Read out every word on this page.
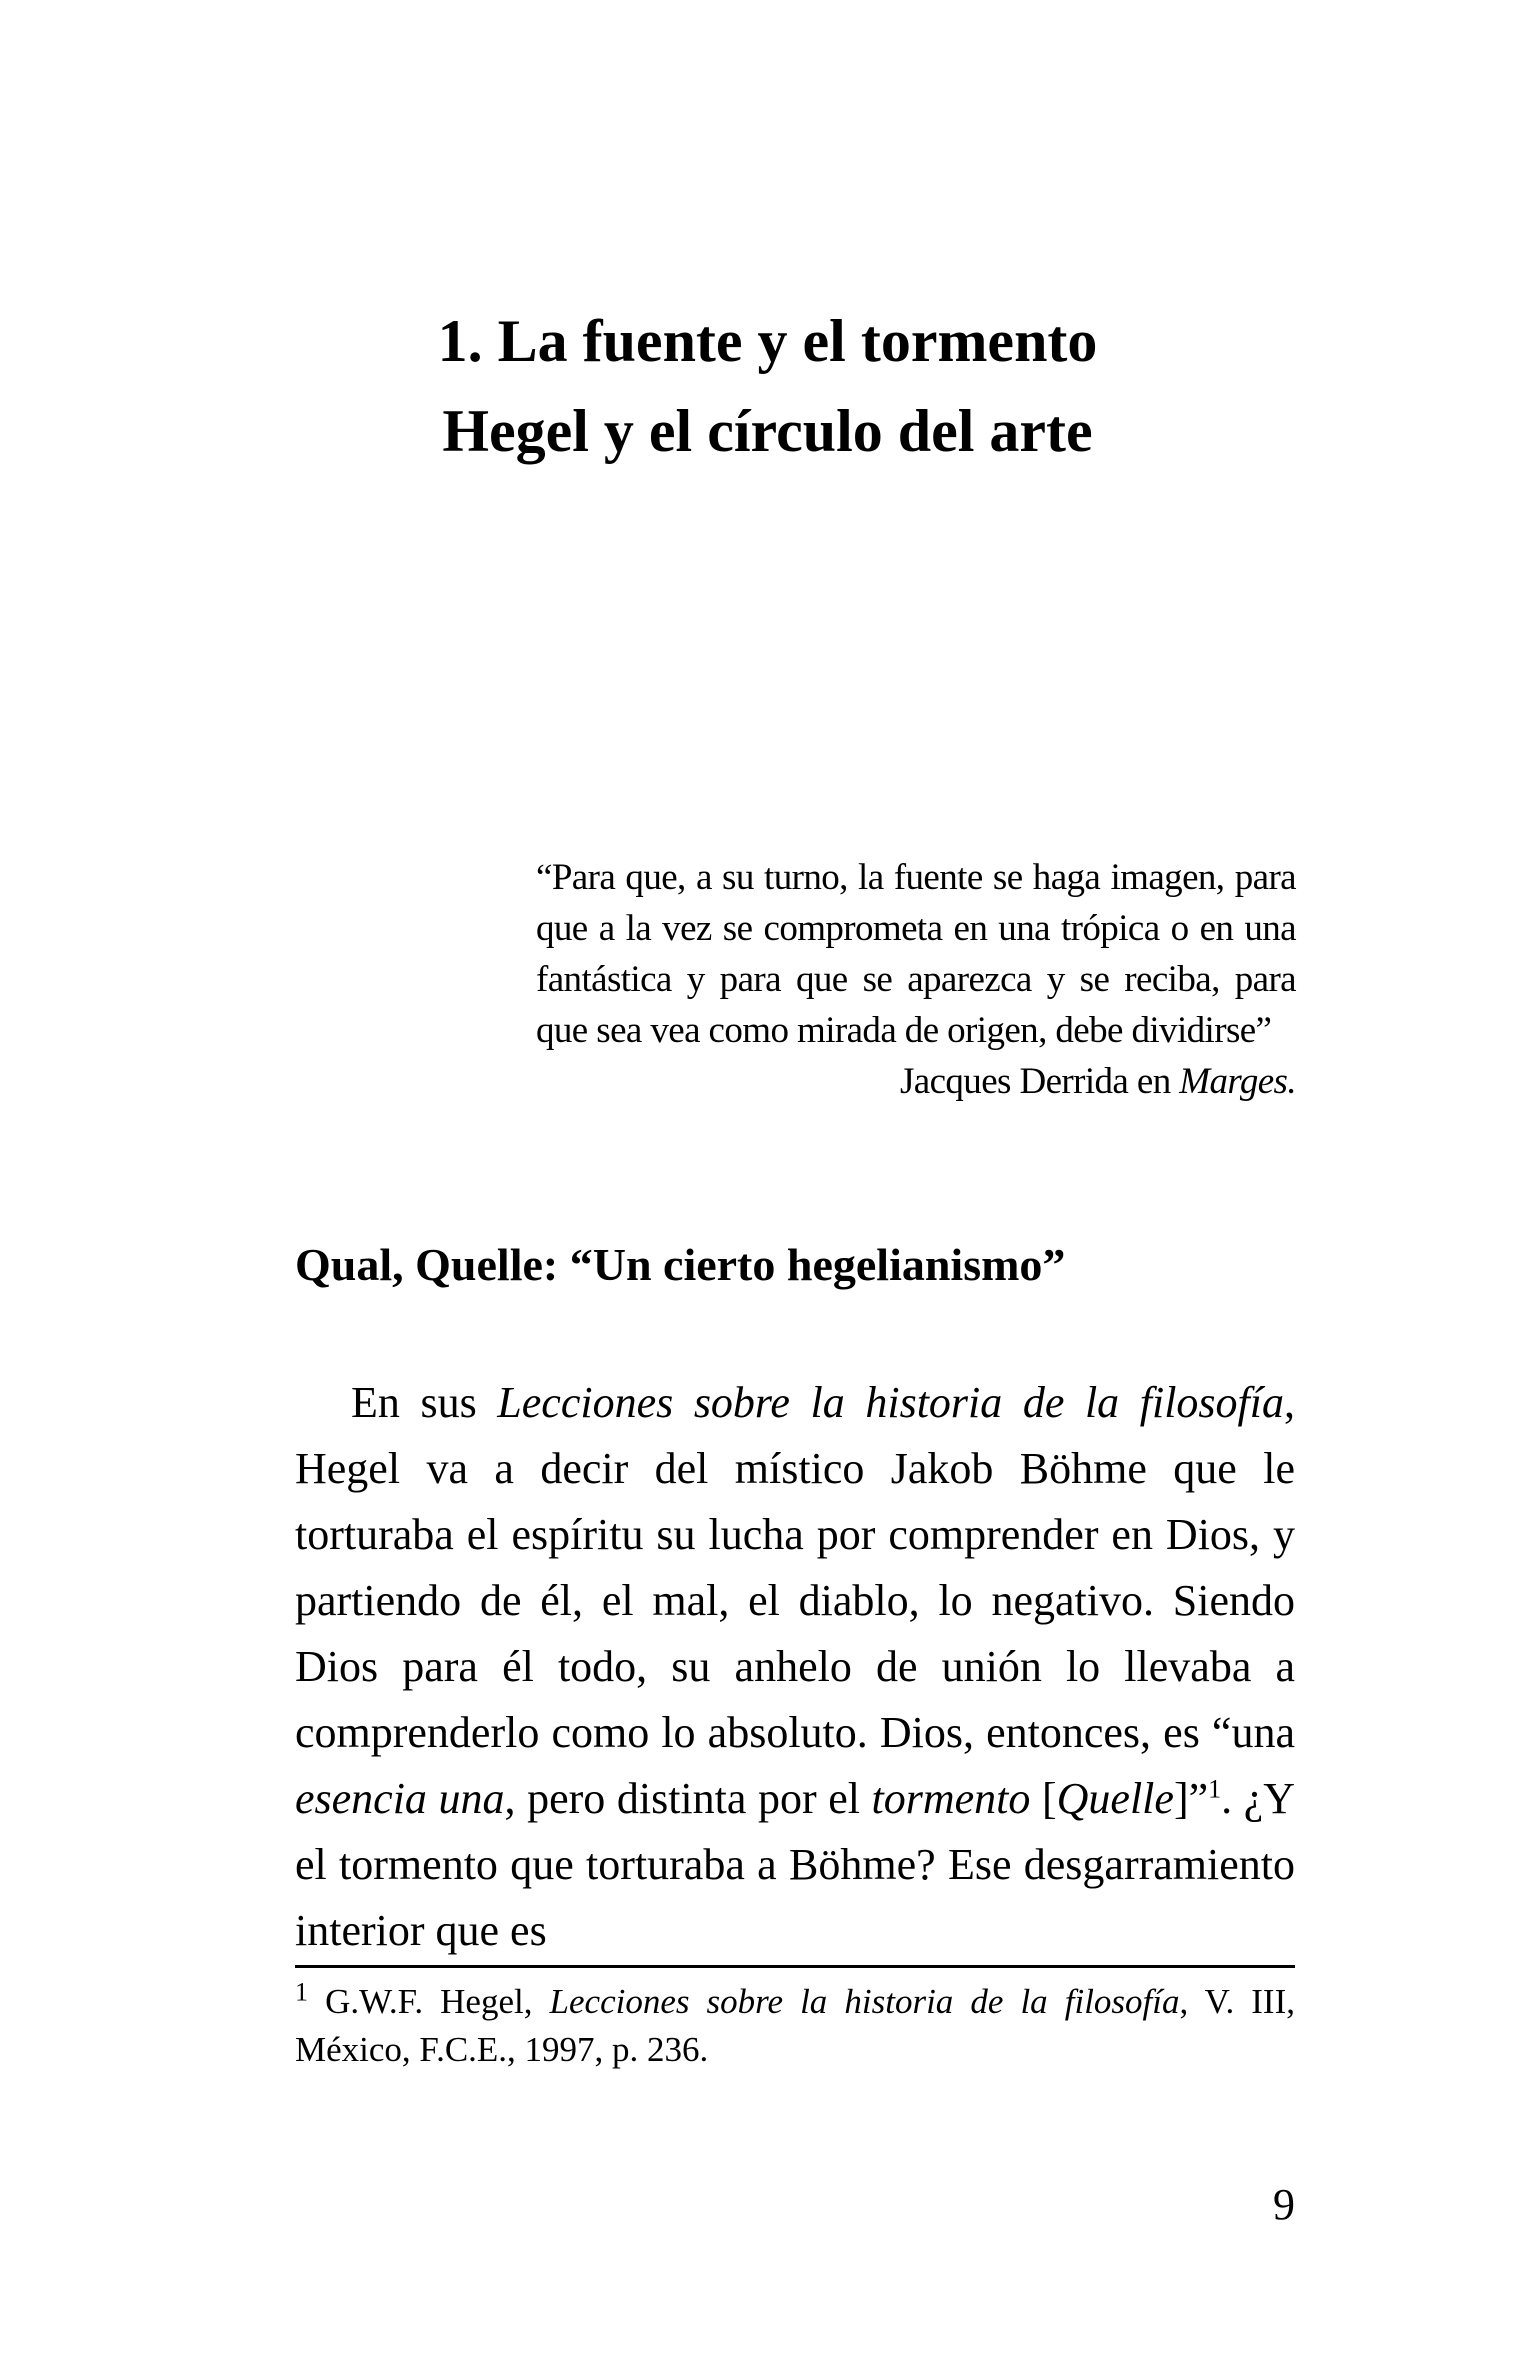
1. La fuente y el tormento
Hegel y el círculo del arte

“Para que, a su turno, la fuente se haga imagen, para que a la vez se comprometa en una trópica o en una fantástica y para que se aparezca y se reciba, para que sea vea como mirada de origen, debe dividirse”

Jacques Derrida en Marges.

Qual, Quelle: “Un cierto hegelianismo”

En sus Lecciones sobre la historia de la filosofía, Hegel va a decir del místico Jakob Böhme que le torturaba el espíritu su lucha por comprender en Dios, y partiendo de él, el mal, el diablo, lo negativo. Siendo Dios para él todo, su anhelo de unión lo llevaba a comprenderlo como lo absoluto. Dios, entonces, es “una esencia una, pero distinta por el tormento [Quelle]”$^1$. ¿Y el tormento que torturaba a Böhme? Ese desgarramiento interior que es

$^1$ G.W.F. Hegel, Lecciones sobre la historia de la filosofía, V. III, México, F.C.E., 1997, p. 236.

9
